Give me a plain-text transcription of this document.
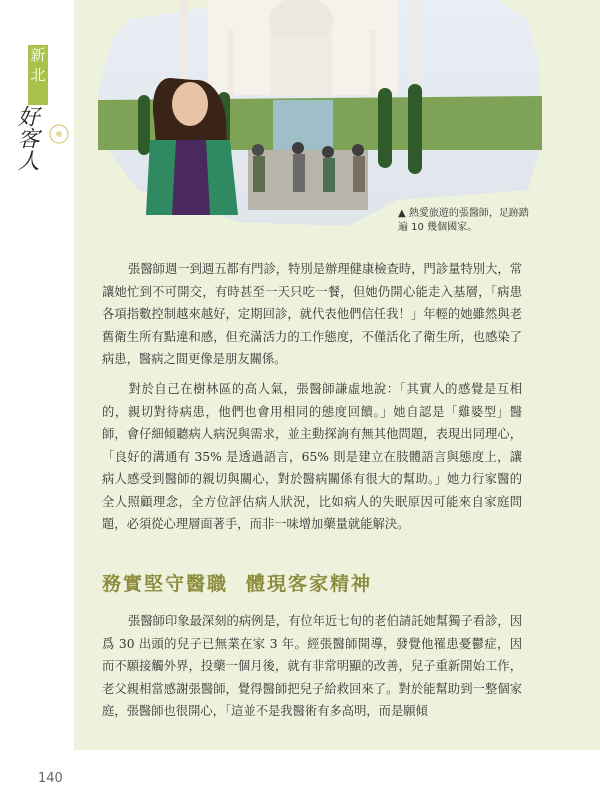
新北
好客人
▲ 熱愛旅遊的張醫師，足跡踏遍 10 幾個國家。

張醫師週一到週五都有門診，特別是辦理健康檢查時，門診量特別大，常讓她忙到不可開交，有時甚至一天只吃一餐，但她仍開心能走入基層，「病患各項指數控制越來越好，定期回診，就代表他們信任我！」年輕的她雖然與老舊衛生所有點違和感，但充滿活力的工作態度，不僅活化了衛生所，也感染了病患，醫病之間更像是朋友關係。

對於自己在樹林區的高人氣，張醫師謙虛地說：「其實人的感覺是互相的，親切對待病患，他們也會用相同的態度回饋。」她自認是「雞婆型」醫師，會仔細傾聽病人病況與需求，並主動探詢有無其他問題，表現出同理心，「良好的溝通有 35% 是透過語言，65% 則是建立在肢體語言與態度上，讓病人感受到醫師的親切與關心，對於醫病關係有很大的幫助。」她力行家醫的全人照顧理念，全方位評估病人狀況，比如病人的失眠原因可能來自家庭問題，必須從心理層面著手，而非一味增加藥量就能解決。

務實堅守醫職 體現客家精神

張醫師印象最深刻的病例是，有位年近七旬的老伯請託她幫獨子看診，因爲 30 出頭的兒子已無業在家 3 年。經張醫師開導，發覺他罹患憂鬱症，因而不願接觸外界，投藥一個月後，就有非常明顯的改善，兒子重新開始工作，老父親相當感謝張醫師，覺得醫師把兒子給救回來了。對於能幫助到一整個家庭，張醫師也很開心，「這並不是我醫術有多高明，而是願傾

140
